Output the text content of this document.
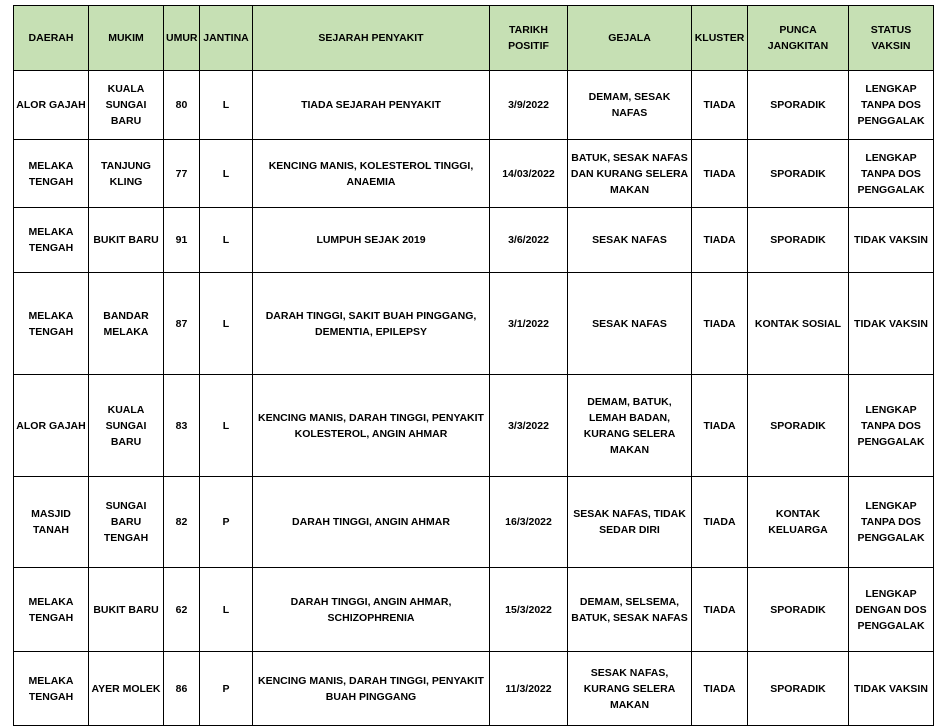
DAERAH	MUKIM	UMUR	JANTINA	SEJARAH PENYAKIT	TARIKH POSITIF	GEJALA	KLUSTER	PUNCA JANGKITAN	STATUS VAKSIN
ALOR GAJAH	KUALA SUNGAI BARU	80	L	TIADA SEJARAH PENYAKIT	3/9/2022	DEMAM, SESAK NAFAS	TIADA	SPORADIK	LENGKAP TANPA DOS PENGGALAK
MELAKA TENGAH	TANJUNG KLING	77	L	KENCING MANIS, KOLESTEROL TINGGI, ANAEMIA	14/03/2022	BATUK, SESAK NAFAS DAN KURANG SELERA MAKAN	TIADA	SPORADIK	LENGKAP TANPA DOS PENGGALAK
MELAKA TENGAH	BUKIT BARU	91	L	LUMPUH SEJAK 2019	3/6/2022	SESAK NAFAS	TIADA	SPORADIK	TIDAK VAKSIN
MELAKA TENGAH	BANDAR MELAKA	87	L	DARAH TINGGI, SAKIT BUAH PINGGANG, DEMENTIA, EPILEPSY	3/1/2022	SESAK NAFAS	TIADA	KONTAK SOSIAL	TIDAK VAKSIN
ALOR GAJAH	KUALA SUNGAI BARU	83	L	KENCING MANIS, DARAH TINGGI, PENYAKIT KOLESTEROL, ANGIN AHMAR	3/3/2022	DEMAM, BATUK, LEMAH BADAN, KURANG SELERA MAKAN	TIADA	SPORADIK	LENGKAP TANPA DOS PENGGALAK
MASJID TANAH	SUNGAI BARU TENGAH	82	P	DARAH TINGGI, ANGIN AHMAR	16/3/2022	SESAK NAFAS, TIDAK SEDAR DIRI	TIADA	KONTAK KELUARGA	LENGKAP TANPA DOS PENGGALAK
MELAKA TENGAH	BUKIT BARU	62	L	DARAH TINGGI, ANGIN AHMAR, SCHIZOPHRENIA	15/3/2022	DEMAM, SELSEMA, BATUK, SESAK NAFAS	TIADA	SPORADIK	LENGKAP DENGAN DOS PENGGALAK
MELAKA TENGAH	AYER MOLEK	86	P	KENCING MANIS, DARAH TINGGI, PENYAKIT BUAH PINGGANG	11/3/2022	SESAK NAFAS, KURANG SELERA MAKAN	TIADA	SPORADIK	TIDAK VAKSIN
